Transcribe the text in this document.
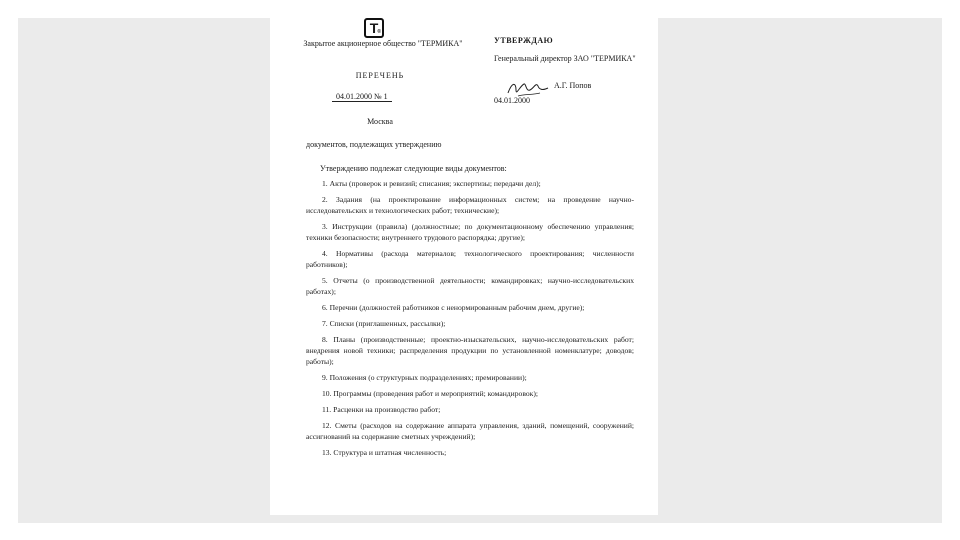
$Т_®$
Закрытое акционерное общество "ТЕРМИКА"
ПЕРЕЧЕНЬ
04.01.2000 № 1
Москва
УТВЕРЖДАЮ
Генеральный директор ЗАО "ТЕРМИКА"
А.Г. Попов
04.01.2000
документов, подлежащих утверждению
Утверждению подлежат следующие виды документов:
1. Акты (проверок и ревизий; списания; экспертизы; передачи дел);
2. Задания (на проектирование информационных систем; на проведение научно-исследовательских и технологических работ; технические);
3. Инструкции (правила) (должностные; по документационному обеспечению управления; техники безопасности; внутреннего трудового распорядка; другие);
4. Нормативы (расхода материалов; технологического проектирования; численности работников);
5. Отчеты (о производственной деятельности; командировках; научно-исследовательских работах);
6. Перечни (должностей работников с ненормированным рабочим днем, другие);
7. Списки (приглашенных, рассылки);
8. Планы (производственные; проектно-изыскательских, научно-исследовательских работ; внедрения новой техники; распределения продукции по установленной номенклатуре; доводов; работы);
9. Положения (о структурных подразделениях; премировании);
10. Программы (проведения работ и мероприятий; командировок);
11. Расценки на производство работ;
12. Сметы (расходов на содержание аппарата управления, зданий, помещений, сооружений; ассигнований на содержание сметных учреждений);
13. Структура и штатная численность;
